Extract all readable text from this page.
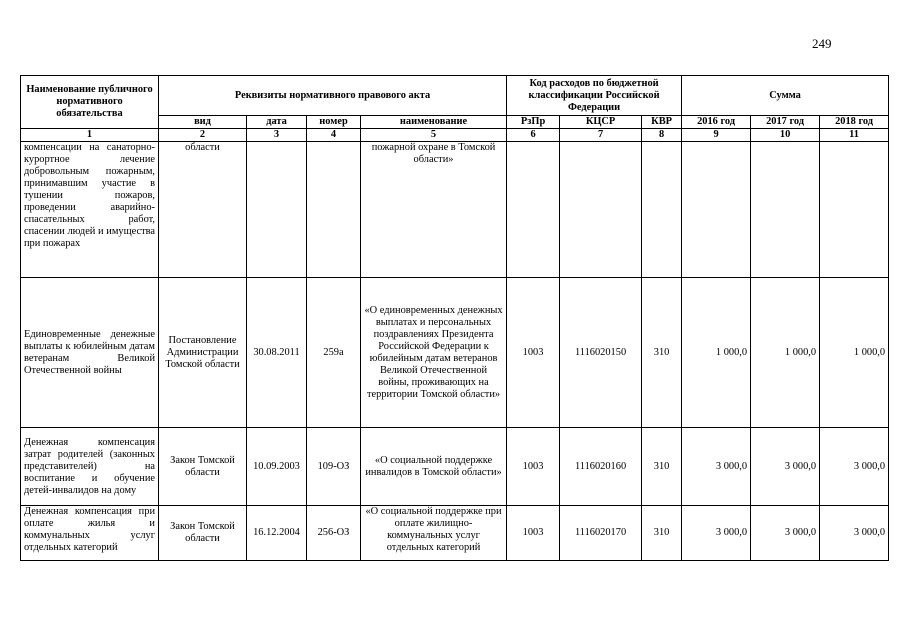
249
Наименование публичного нормативного обязательства	Реквизиты нормативного правового акта				Код расходов по бюджетной классификации Российской Федерации			Сумма		
	вид	дата	номер	наименование	РзПр	КЦСР	КВР	2016 год	2017 год	2018 год
1	2	3	4	5	6	7	8	9	10	11
компенсации на санаторно-курортное лечение добровольным пожарным, принимавшим участие в тушении пожаров, проведении аварийно-спасательных работ, спасении людей и имущества при пожарах	области			пожарной охране в Томской области»						
Единовременные денежные выплаты к юбилейным датам ветеранам Великой Отечественной войны	Постановление Администрации Томской области	30.08.2011	259а	«О единовременных денежных выплатах и персональных поздравлениях Президента Российской Федерации к юбилейным датам ветеранов Великой Отечественной войны, проживающих на территории Томской области»	1003	1116020150	310	1 000,0	1 000,0	1 000,0
Денежная компенсация затрат родителей (законных представителей) на воспитание и обучение детей-инвалидов на дому	Закон Томской области	10.09.2003	109-ОЗ	«О социальной поддержке инвалидов в Томской области»	1003	1116020160	310	3 000,0	3 000,0	3 000,0
Денежная компенсация при оплате жилья и коммунальных услуг отдельных категорий	Закон Томской области	16.12.2004	256-ОЗ	«О социальной поддержке при оплате жилищно-коммунальных услуг отдельных категорий	1003	1116020170	310	3 000,0	3 000,0	3 000,0
